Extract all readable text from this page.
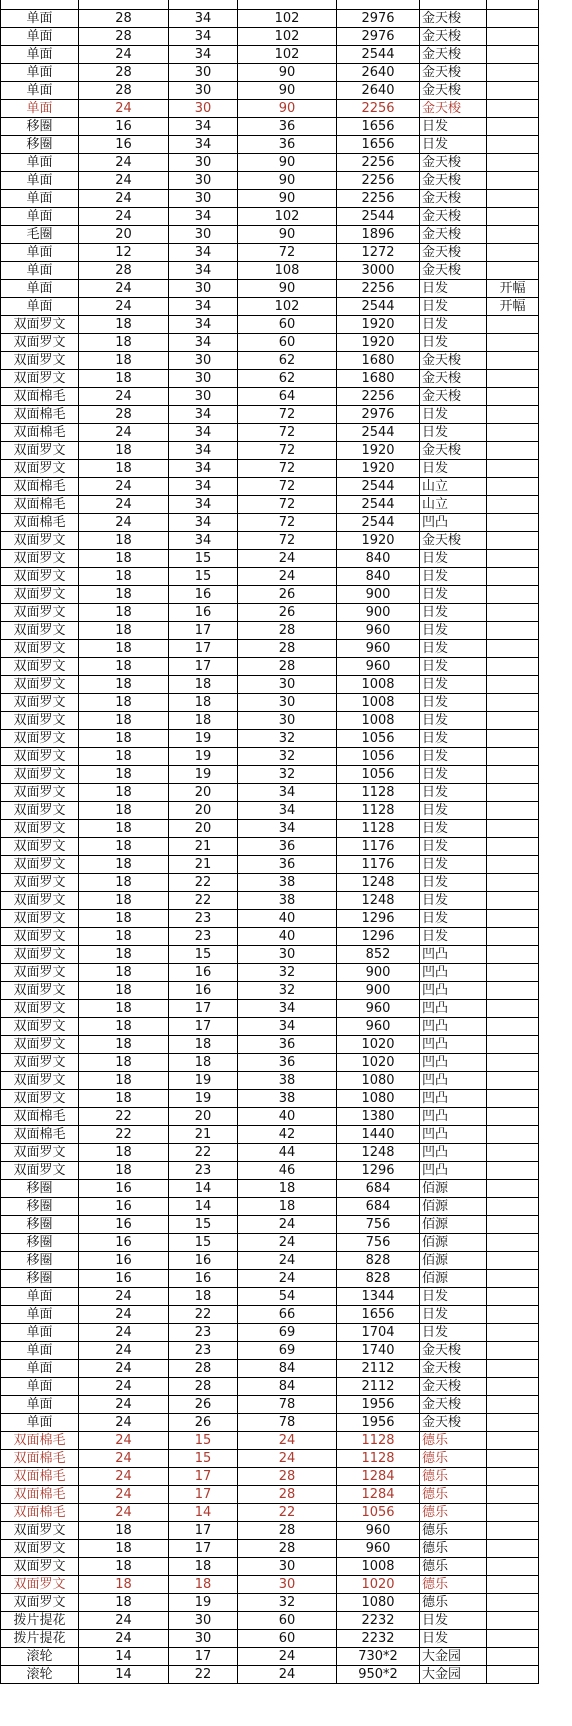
单面	28	34	102	2976	金天梭	
单面	28	34	102	2976	金天梭	
单面	24	34	102	2544	金天梭	
单面	28	30	90	2640	金天梭	
单面	28	30	90	2640	金天梭	
单面	24	30	90	2256	金天梭	
移圈	16	34	36	1656	日发	
移圈	16	34	36	1656	日发	
单面	24	30	90	2256	金天梭	
单面	24	30	90	2256	金天梭	
单面	24	30	90	2256	金天梭	
单面	24	34	102	2544	金天梭	
毛圈	20	30	90	1896	金天梭	
单面	12	34	72	1272	金天梭	
单面	28	34	108	3000	金天梭	
单面	24	30	90	2256	日发	开幅
单面	24	34	102	2544	日发	开幅
双面罗文	18	34	60	1920	日发	
双面罗文	18	34	60	1920	日发	
双面罗文	18	30	62	1680	金天梭	
双面罗文	18	30	62	1680	金天梭	
双面棉毛	24	30	64	2256	金天梭	
双面棉毛	28	34	72	2976	日发	
双面棉毛	24	34	72	2544	日发	
双面罗文	18	34	72	1920	金天梭	
双面罗文	18	34	72	1920	日发	
双面棉毛	24	34	72	2544	山立	
双面棉毛	24	34	72	2544	山立	
双面棉毛	24	34	72	2544	凹凸	
双面罗文	18	34	72	1920	金天梭	
双面罗文	18	15	24	840	日发	
双面罗文	18	15	24	840	日发	
双面罗文	18	16	26	900	日发	
双面罗文	18	16	26	900	日发	
双面罗文	18	17	28	960	日发	
双面罗文	18	17	28	960	日发	
双面罗文	18	17	28	960	日发	
双面罗文	18	18	30	1008	日发	
双面罗文	18	18	30	1008	日发	
双面罗文	18	18	30	1008	日发	
双面罗文	18	19	32	1056	日发	
双面罗文	18	19	32	1056	日发	
双面罗文	18	19	32	1056	日发	
双面罗文	18	20	34	1128	日发	
双面罗文	18	20	34	1128	日发	
双面罗文	18	20	34	1128	日发	
双面罗文	18	21	36	1176	日发	
双面罗文	18	21	36	1176	日发	
双面罗文	18	22	38	1248	日发	
双面罗文	18	22	38	1248	日发	
双面罗文	18	23	40	1296	日发	
双面罗文	18	23	40	1296	日发	
双面罗文	18	15	30	852	凹凸	
双面罗文	18	16	32	900	凹凸	
双面罗文	18	16	32	900	凹凸	
双面罗文	18	17	34	960	凹凸	
双面罗文	18	17	34	960	凹凸	
双面罗文	18	18	36	1020	凹凸	
双面罗文	18	18	36	1020	凹凸	
双面罗文	18	19	38	1080	凹凸	
双面罗文	18	19	38	1080	凹凸	
双面棉毛	22	20	40	1380	凹凸	
双面棉毛	22	21	42	1440	凹凸	
双面罗文	18	22	44	1248	凹凸	
双面罗文	18	23	46	1296	凹凸	
移圈	16	14	18	684	佰源	
移圈	16	14	18	684	佰源	
移圈	16	15	24	756	佰源	
移圈	16	15	24	756	佰源	
移圈	16	16	24	828	佰源	
移圈	16	16	24	828	佰源	
单面	24	18	54	1344	日发	
单面	24	22	66	1656	日发	
单面	24	23	69	1704	日发	
单面	24	23	69	1740	金天梭	
单面	24	28	84	2112	金天梭	
单面	24	28	84	2112	金天梭	
单面	24	26	78	1956	金天梭	
单面	24	26	78	1956	金天梭	
双面棉毛	24	15	24	1128	德乐	
双面棉毛	24	15	24	1128	德乐	
双面棉毛	24	17	28	1284	德乐	
双面棉毛	24	17	28	1284	德乐	
双面棉毛	24	14	22	1056	德乐	
双面罗文	18	17	28	960	德乐	
双面罗文	18	17	28	960	德乐	
双面罗文	18	18	30	1008	德乐	
双面罗文	18	18	30	1020	德乐	
双面罗文	18	19	32	1080	德乐	
拨片提花	24	30	60	2232	日发	
拨片提花	24	30	60	2232	日发	
滚轮	14	17	24	730*2	大金园	
滚轮	14	22	24	950*2	大金园	
